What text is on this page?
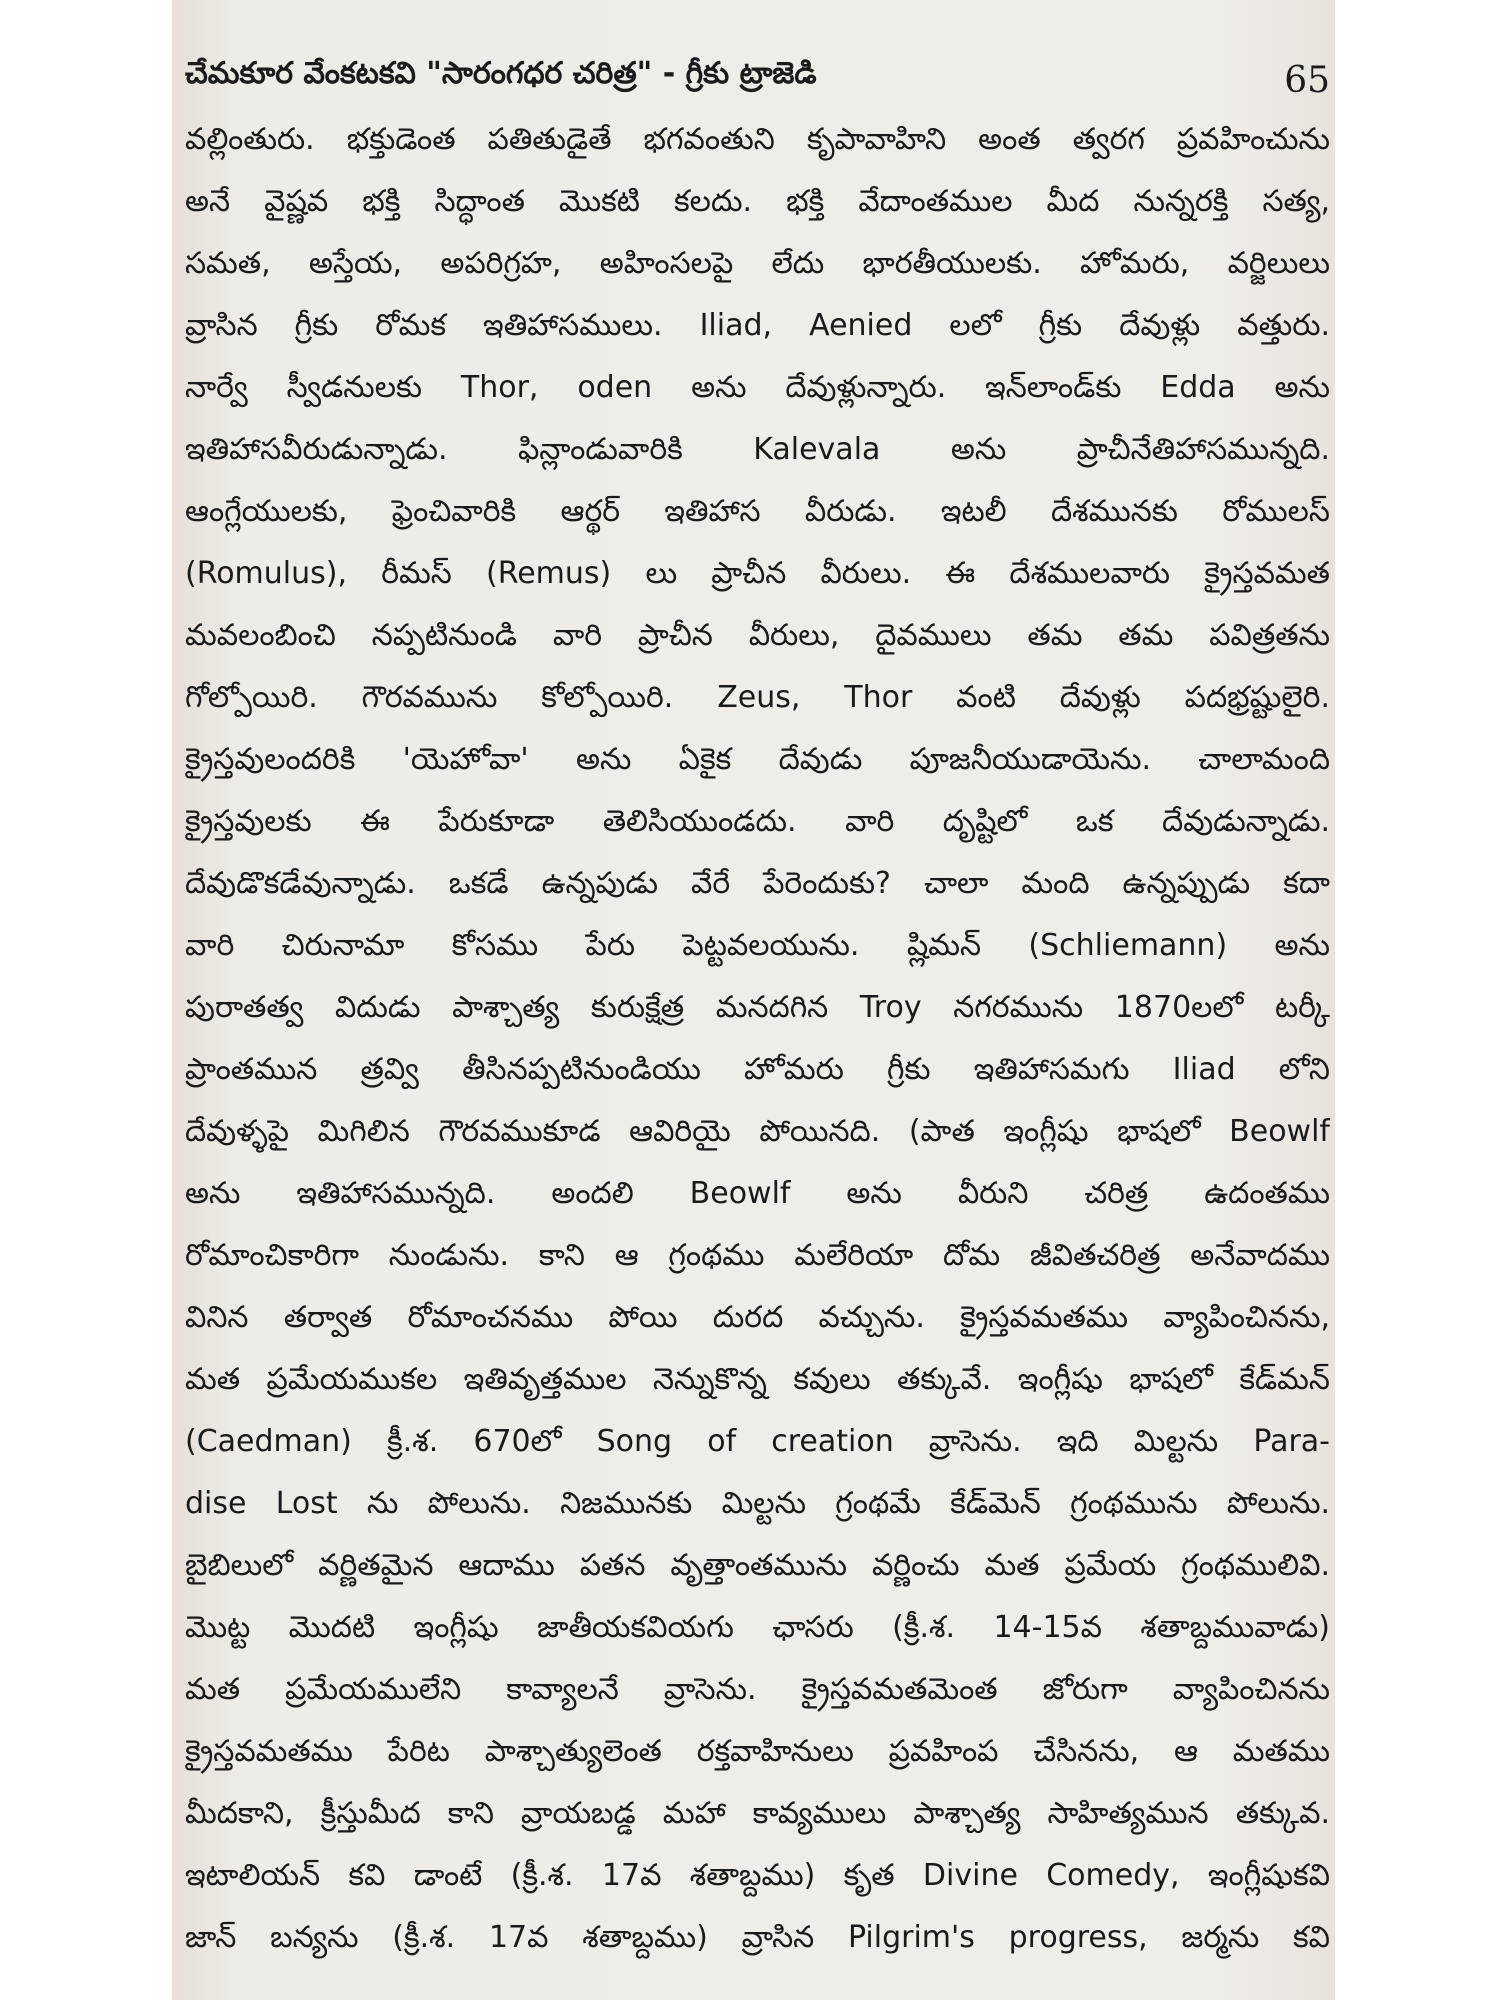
చేమకూర వేంకటకవి "సారంగధర చరిత్ర" - గ్రీకు ట్రాజెడి	65
వల్లింతురు. భక్తుడెంత పతితుడైతే భగవంతుని కృపావాహిని అంత త్వరగ ప్రవహించును
అనే వైష్ణవ భక్తి సిద్ధాంత మొకటి కలదు. భక్తి వేదాంతముల మీద నున్నరక్తి సత్య,
సమత, అస్తేయ, అపరిగ్రహ, అహింసలపై లేదు భారతీయులకు. హోమరు, వర్జిలులు
వ్రాసిన గ్రీకు రోమక ఇతిహాసములు. Iliad, Aenied లలో గ్రీకు దేవుళ్లు వత్తురు.
నార్వే స్వీడనులకు Thor, oden అను దేవుళ్లున్నారు. ఇన్‌లాండ్‌కు Edda అను
ఇతిహాసవీరుడున్నాడు. ఫిన్లాండువారికి Kalevala అను ప్రాచీనేతిహాసమున్నది.
ఆంగ్లేయులకు, ఫ్రెంచివారికి ఆర్థర్ ఇతిహాస వీరుడు. ఇటలీ దేశమునకు రోములస్
(Romulus), రీమస్ (Remus) లు ప్రాచీన వీరులు. ఈ దేశములవారు క్రైస్తవమత
మవలంబించి నప్పటినుండి వారి ప్రాచీన వీరులు, దైవములు తమ తమ పవిత్రతను
గోల్పోయిరి. గౌరవమును కోల్పోయిరి. Zeus, Thor వంటి దేవుళ్లు పదభ్రష్టులైరి.
క్రైస్తవులందరికి 'యెహోవా' అను ఏకైక దేవుడు పూజనీయుడాయెను. చాలామంది
క్రైస్తవులకు ఈ పేరుకూడా తెలిసియుండదు. వారి దృష్టిలో ఒక దేవుడున్నాడు.
దేవుడొకడేవున్నాడు. ఒకడే ఉన్నపుడు వేరే పేరెందుకు? చాలా మంది ఉన్నప్పుడు కదా
వారి చిరునామా కోసము పేరు పెట్టవలయును. ష్లిమన్ (Schliemann) అను
పురాతత్వ విదుడు పాశ్చాత్య కురుక్షేత్ర మనదగిన Troy నగరమును 1870లలో టర్కీ
ప్రాంతమున త్రవ్వి తీసినప్పటినుండియు హోమరు గ్రీకు ఇతిహాసమగు Iliad లోని
దేవుళ్ళపై మిగిలిన గౌరవముకూడ ఆవిరియై పోయినది. (పాత ఇంగ్లీషు భాషలో Beowlf
అను ఇతిహాసమున్నది. అందలి Beowlf అను వీరుని చరిత్ర ఉదంతము
రోమాంచికారిగా నుండును. కాని ఆ గ్రంథము మలేరియా దోమ జీవితచరిత్ర అనేవాదము
వినిన తర్వాత రోమాంచనము పోయి దురద వచ్చును. క్రైస్తవమతము వ్యాపించినను,
మత ప్రమేయముకల ఇతివృత్తముల నెన్నుకొన్న కవులు తక్కువే. ఇంగ్లీషు భాషలో కేడ్‌మన్
(Caedman) క్రీ.శ. 670లో Song of creation వ్రాసెను. ఇది మిల్టను Para-
dise Lost ను పోలును. నిజమునకు మిల్టను గ్రంథమే కేడ్‌మెన్ గ్రంథమును పోలును.
బైబిలులో వర్ణితమైన ఆదాము పతన వృత్తాంతమును వర్ణించు మత ప్రమేయ గ్రంథములివి.
మొట్ట మొదటి ఇంగ్లీషు జాతీయకవియగు ఛాసరు (క్రీ.శ. 14-15వ శతాబ్దమువాడు)
మత ప్రమేయములేని కావ్యాలనే వ్రాసెను. క్రైస్తవమతమెంత జోరుగా వ్యాపించినను
క్రైస్తవమతము పేరిట పాశ్చాత్యులెంత రక్తవాహినులు ప్రవహింప చేసినను, ఆ మతము
మీదకాని, క్రీస్తుమీద కాని వ్రాయబడ్డ మహా కావ్యములు పాశ్చాత్య సాహిత్యమున తక్కువ.
ఇటాలియన్ కవి డాంటే (క్రీ.శ. 17వ శతాబ్దము) కృత Divine Comedy, ఇంగ్లీషుకవి
జాన్ బన్యను (క్రీ.శ. 17వ శతాబ్దము) వ్రాసిన Pilgrim's progress, జర్మను కవి
